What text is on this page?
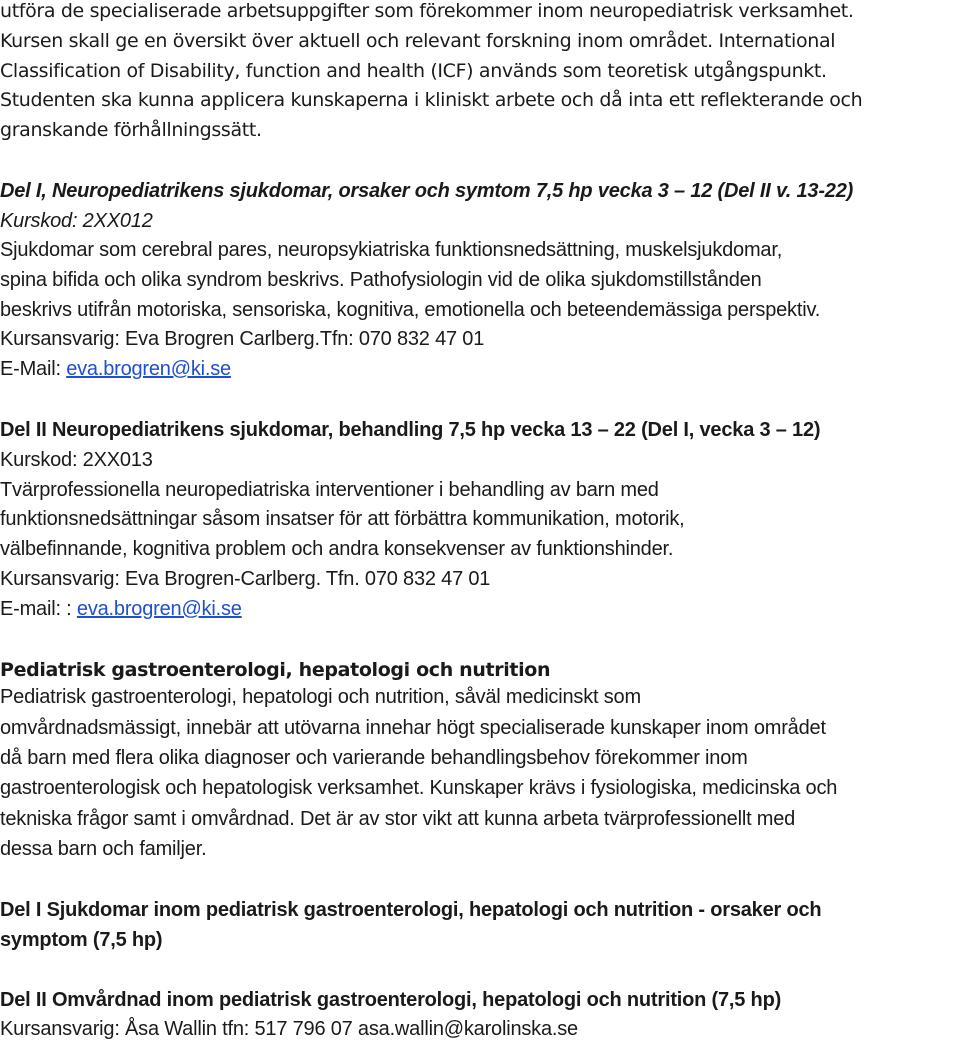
utföra de specialiserade arbetsuppgifter som förekommer inom neuropediatrisk verksamhet.
Kursen skall ge en översikt över aktuell och relevant forskning inom området. International
Classification of Disability, function and health (ICF) används som teoretisk utgångspunkt.
Studenten ska kunna applicera kunskaperna i kliniskt arbete och då inta ett reflekterande och
granskande förhållningssätt.
Del I, Neuropediatrikens sjukdomar, orsaker och symtom 7,5 hp vecka 3 – 12 (Del II v. 13-22)
Kurskod: 2XX012
Sjukdomar som cerebral pares, neuropsykiatriska funktionsnedsättning, muskelsjukdomar,
spina bifida och olika syndrom beskrivs. Pathofysiologin vid de olika sjukdomstillstånden
beskrivs utifrån motoriska, sensoriska, kognitiva, emotionella och beteendemässiga perspektiv.
Kursansvarig: Eva Brogren Carlberg.Tfn: 070 832 47 01
E-Mail: eva.brogren@ki.se
Del II Neuropediatrikens sjukdomar, behandling 7,5 hp vecka 13 – 22 (Del I, vecka 3 – 12)
Kurskod: 2XX013
Tvärprofessionella neuropediatriska interventioner i behandling av barn med
funktionsnedsättningar såsom insatser för att förbättra kommunikation, motorik,
välbefinnande, kognitiva problem och andra konsekvenser av funktionshinder.
Kursansvarig: Eva Brogren-Carlberg. Tfn. 070 832 47 01
E-mail: : eva.brogren@ki.se
Pediatrisk gastroenterologi, hepatologi och nutrition
Pediatrisk gastroenterologi, hepatologi och nutrition, såväl medicinskt som
omvårdnadsmässigt, innebär att utövarna innehar högt specialiserade kunskaper inom området
då barn med flera olika diagnoser och varierande behandlingsbehov förekommer inom
gastroenterologisk och hepatologisk verksamhet. Kunskaper krävs i fysiologiska, medicinska och
tekniska frågor samt i omvårdnad. Det är av stor vikt att kunna arbeta tvärprofessionellt med
dessa barn och familjer.
Del I Sjukdomar inom pediatrisk gastroenterologi, hepatologi och nutrition - orsaker och
symptom (7,5 hp)
Del II Omvårdnad inom pediatrisk gastroenterologi, hepatologi och nutrition (7,5 hp)
Kursansvarig: Åsa Wallin tfn: 517 796 07 asa.wallin@karolinska.se
